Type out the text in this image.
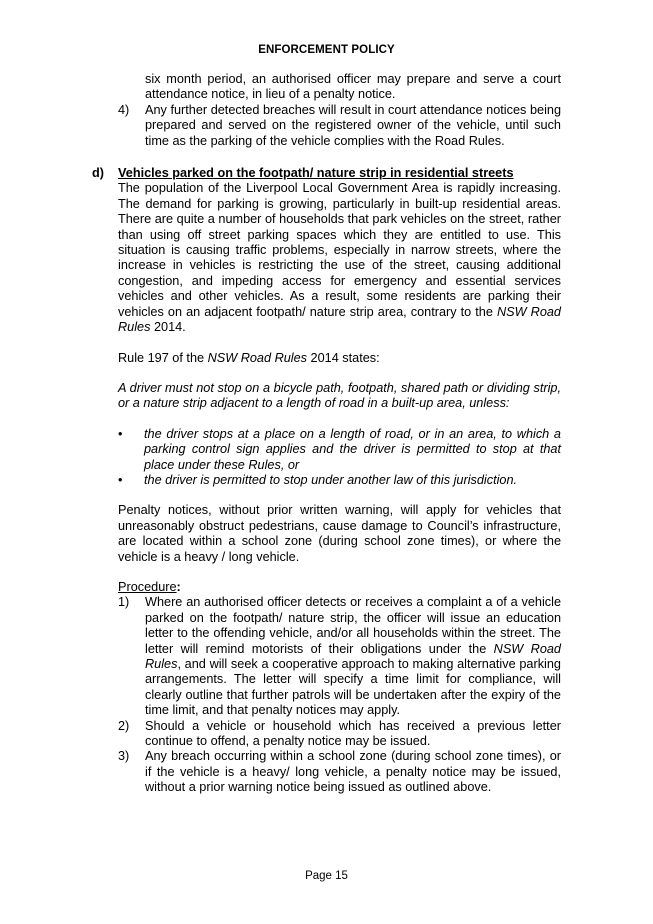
ENFORCEMENT POLICY
six month period, an authorised officer may prepare and serve a court attendance notice, in lieu of a penalty notice.
4)	Any further detected breaches will result in court attendance notices being prepared and served on the registered owner of the vehicle, until such time as the parking of the vehicle complies with the Road Rules.
d) Vehicles parked on the footpath/ nature strip in residential streets

The population of the Liverpool Local Government Area is rapidly increasing. The demand for parking is growing, particularly in built-up residential areas. There are quite a number of households that park vehicles on the street, rather than using off street parking spaces which they are entitled to use. This situation is causing traffic problems, especially in narrow streets, where the increase in vehicles is restricting the use of the street, causing additional congestion, and impeding access for emergency and essential services vehicles and other vehicles. As a result, some residents are parking their vehicles on an adjacent footpath/ nature strip area, contrary to the NSW Road Rules 2014.

Rule 197 of the NSW Road Rules 2014 states:

A driver must not stop on a bicycle path, footpath, shared path or dividing strip, or a nature strip adjacent to a length of road in a built-up area, unless:

•	the driver stops at a place on a length of road, or in an area, to which a parking control sign applies and the driver is permitted to stop at that place under these Rules, or
•	the driver is permitted to stop under another law of this jurisdiction.

Penalty notices, without prior written warning, will apply for vehicles that unreasonably obstruct pedestrians, cause damage to Council’s infrastructure, are located within a school zone (during school zone times), or where the vehicle is a heavy / long vehicle.

Procedure:

1)	Where an authorised officer detects or receives a complaint a of a vehicle parked on the footpath/ nature strip, the officer will issue an education letter to the offending vehicle, and/or all households within the street. The letter will remind motorists of their obligations under the NSW Road Rules, and will seek a cooperative approach to making alternative parking arrangements. The letter will specify a time limit for compliance, will clearly outline that further patrols will be undertaken after the expiry of the time limit, and that penalty notices may apply.
2)	Should a vehicle or household which has received a previous letter continue to offend, a penalty notice may be issued.
3)	Any breach occurring within a school zone (during school zone times), or if the vehicle is a heavy/ long vehicle, a penalty notice may be issued, without a prior warning notice being issued as outlined above.
Page 15
